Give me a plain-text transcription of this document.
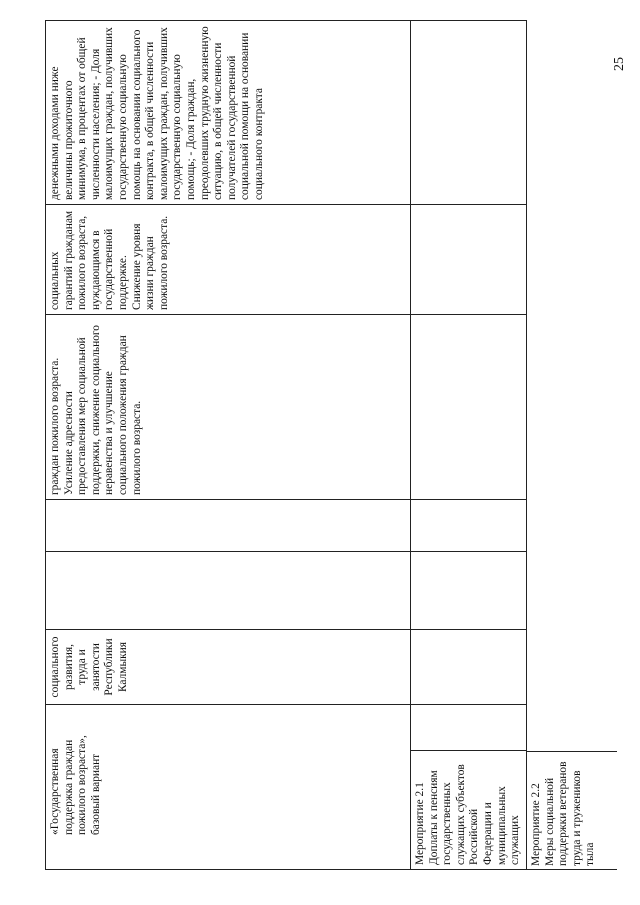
25
«Государственная поддержка граждан пожилого возраста», базовый вариант
социального развития, труда и занятости Республики Калмыкия
граждан пожилого возраста. Усиление адресности предоставления мер социальной поддержки, снижение социального неравенства и улучшение социального положения граждан пожилого возраста.
социальных гарантий гражданам пожилого возраста, нуждающимся в государственной поддержке. Снижение уровня жизни граждан пожилого возраста.
денежными доходами ниже величины прожиточного минимума, в процентах от общей численности населения; - Доля малоимущих граждан, получивших государственную социальную помощь на основании социального контракта, в общей численности малоимущих граждан, получивших государственную социальную помощь; - Доля граждан, преодолевших трудную жизненную ситуацию, в общей численности получателей государственной социальной помощи на основании социального контракта
Мероприятие 2.1 Доплаты к пенсиям государственных служащих субъектов Российской Федерации и муниципальных служащих Мероприятие 2.2 Меры социальной поддержки ветеранов труда и тружеников тыла
